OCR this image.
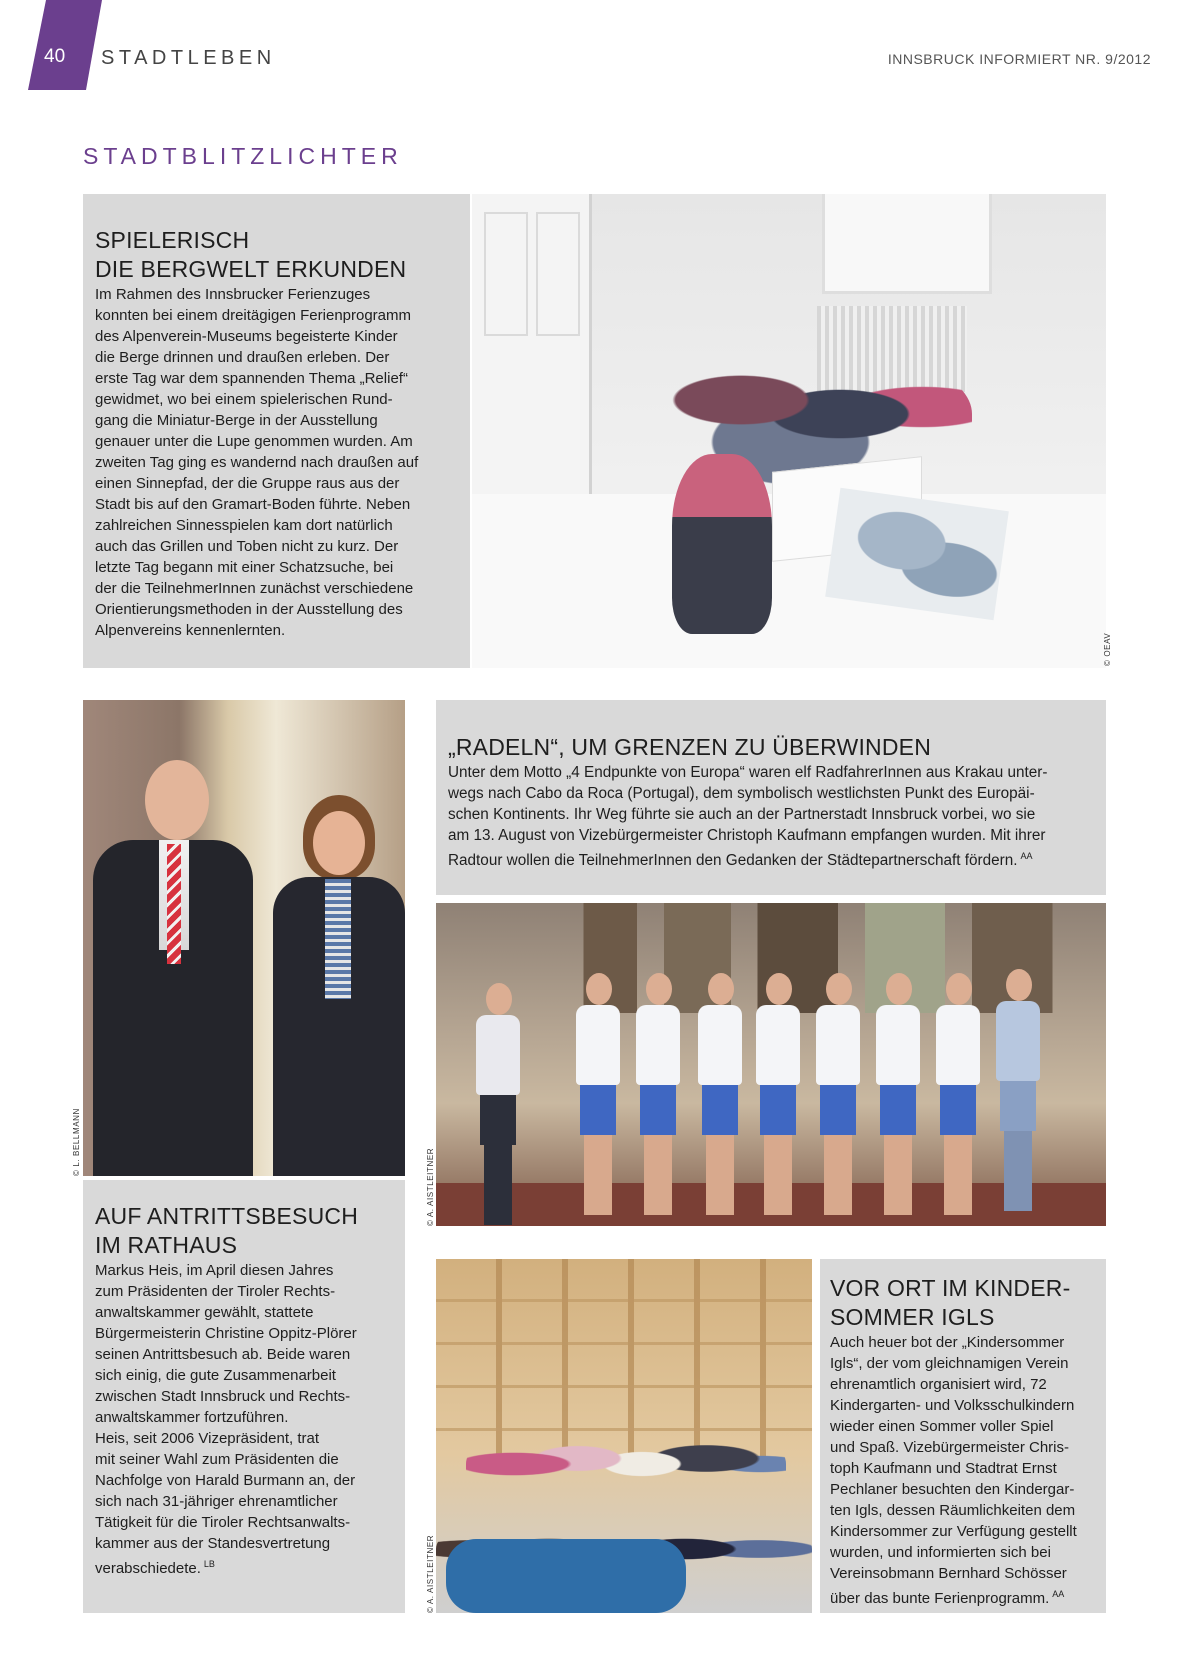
40 STADTLEBEN	INNSBRUCK INFORMIERT NR. 9/2012
STADTBLITZLICHTER
SPIELERISCH
DIE BERGWELT ERKUNDEN

Im Rahmen des Innsbrucker Ferienzuges
konnten bei einem dreitägigen Ferienprogramm
des Alpenverein-Museums begeisterte Kinder
die Berge drinnen und draußen erleben. Der
erste Tag war dem spannenden Thema „Relief“
gewidmet, wo bei einem spielerischen Rund-
gang die Miniatur-Berge in der Ausstellung
genauer unter die Lupe genommen wurden. Am
zweiten Tag ging es wandernd nach draußen auf
einen Sinnepfad, der die Gruppe raus aus der
Stadt bis auf den Gramart-Boden führte. Neben
zahlreichen Sinnesspielen kam dort natürlich
auch das Grillen und Toben nicht zu kurz. Der
letzte Tag begann mit einer Schatzsuche, bei
der die TeilnehmerInnen zunächst verschiedene
Orientierungsmethoden in der Ausstellung des
Alpenvereins kennenlernten.

© OEAV
© L. BELLMANN
„RADELN“, UM GRENZEN ZU ÜBERWINDEN

Unter dem Motto „4 Endpunkte von Europa“ waren elf RadfahrerInnen aus Krakau unter-
wegs nach Cabo da Roca (Portugal), dem symbolisch westlichsten Punkt des Europäi-
schen Kontinents. Ihr Weg führte sie auch an der Partnerstadt Innsbruck vorbei, wo sie
am 13. August von Vizebürgermeister Christoph Kaufmann empfangen wurden. Mit ihrer
Radtour wollen die TeilnehmerInnen den Gedanken der Städtepartnerschaft fördern. $^{AA}$

AUF ANTRITTSBESUCH
IM RATHAUS

Markus Heis, im April diesen Jahres
zum Präsidenten der Tiroler Rechts-
anwaltskammer gewählt, stattete
Bürgermeisterin Christine Oppitz-Plörer
seinen Antrittsbesuch ab. Beide waren
sich einig, die gute Zusammenarbeit
zwischen Stadt Innsbruck und Rechts-
anwaltskammer fortzuführen.
Heis, seit 2006 Vizepräsident, trat
mit seiner Wahl zum Präsidenten die
Nachfolge von Harald Burmann an, der
sich nach 31-jähriger ehrenamtlicher
Tätigkeit für die Tiroler Rechtsanwalts-
kammer aus der Standesvertretung
verabschiedete. $^{LB}$

© A. AISTLEITNER
© A. AISTLEITNER
VOR ORT IM KINDER-
SOMMER IGLS

Auch heuer bot der „Kindersommer
Igls“, der vom gleichnamigen Verein
ehrenamtlich organisiert wird, 72
Kindergarten- und Volksschulkindern
wieder einen Sommer voller Spiel
und Spaß. Vizebürgermeister Chris-
toph Kaufmann und Stadtrat Ernst
Pechlaner besuchten den Kindergar-
ten Igls, dessen Räumlichkeiten dem
Kindersommer zur Verfügung gestellt
wurden, und informierten sich bei
Vereinsobmann Bernhard Schösser
über das bunte Ferienprogramm. $^{AA}$
